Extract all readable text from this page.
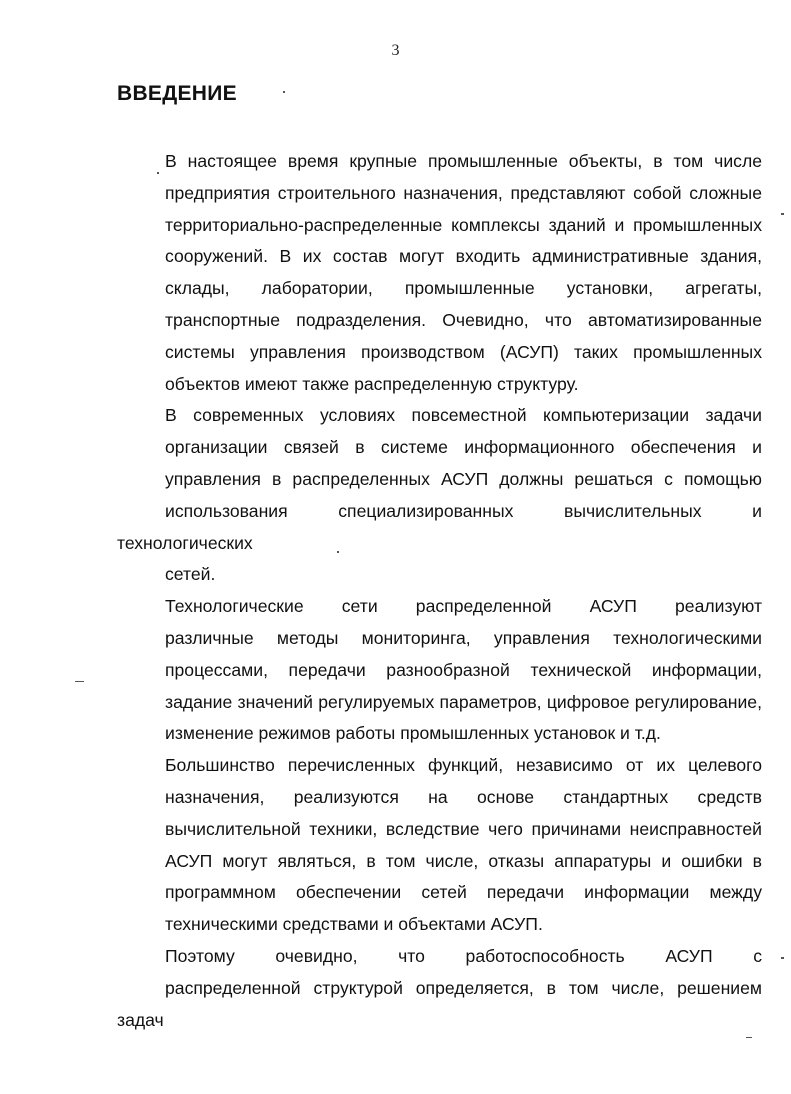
3
ВВЕДЕНИЕ

В настоящее время крупные промышленные объекты, в том числе
предприятия строительного назначения, представляют собой сложные
территориально-распределенные комплексы зданий и промышленных
сооружений. В их состав могут входить административные здания,
склады, лаборатории, промышленные установки, агрегаты,
транспортные подразделения. Очевидно, что автоматизированные
системы управления производством (АСУП) таких промышленных
объектов имеют также распределенную структуру.

В современных условиях повсеместной компьютеризации задачи
организации связей в системе информационного обеспечения и
управления в распределенных АСУП должны решаться с помощью
использования специализированных вычислительных и технологических
сетей.

Технологические сети распределенной АСУП реализуют
различные методы мониторинга, управления технологическими
процессами, передачи разнообразной технической информации,
задание значений регулируемых параметров, цифровое регулирование,
изменение режимов работы промышленных установок и т.д.

Большинство перечисленных функций, независимо от их целевого
назначения, реализуются на основе стандартных средств
вычислительной техники, вследствие чего причинами неисправностей
АСУП могут являться, в том числе, отказы аппаратуры и ошибки в
программном обеспечении сетей передачи информации между
техническими средствами и объектами АСУП.

Поэтому очевидно, что работоспособность АСУП с
распределенной структурой определяется, в том числе, решением задач
